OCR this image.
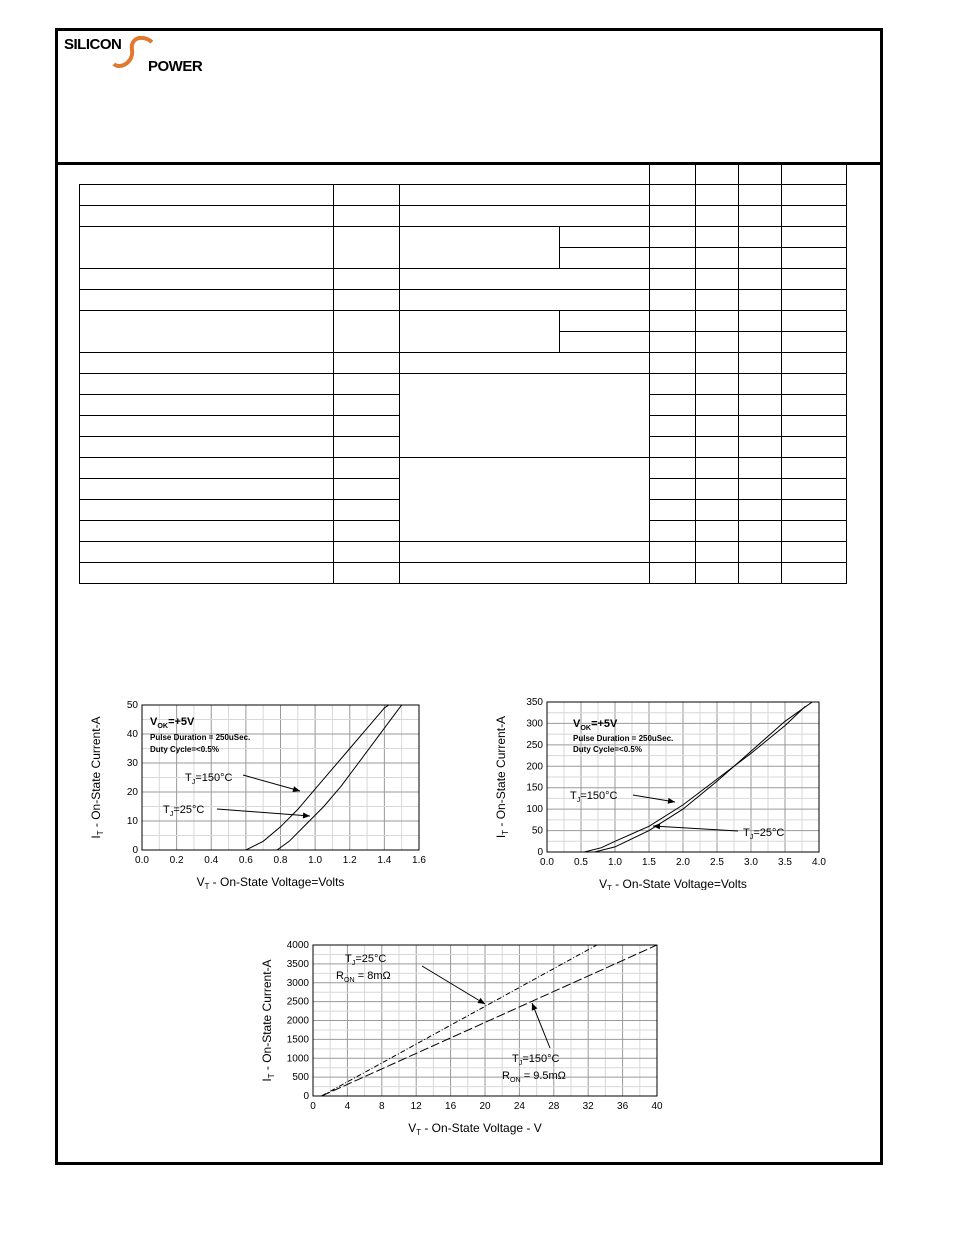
SILICON
POWER

0.0 0.2 0.4 0.6 0.8 1.0 1.2 1.4 1.6
0
10
20
30
40
50
$V_T$ - On-State Voltage=Volts
$I_T$ - On-State Current-A	$V_{OK}=+5V$
Pulse Duration = 250uSec.
Duty Cycle=<0.5%
$T_J=150^\circ C$
$T_J=25^\circ C$
0.0 0.5 1.0 1.5 2.0 2.5 3.0 3.5 4.0
0
50
100
150
200
250
300
350
$V_T$ - On-State Voltage=Volts
$I_T$ - On-State Current-A	$V_{OK}=+5V$
Pulse Duration = 250uSec.
Duty Cycle=<0.5%
$T_J=150^\circ C$
$T_J=25^\circ C$
0	4	8	12 16 20 24 28 32 36 40
0
500
1000
1500
2000
2500
3000
3500
4000
$V_T$ - On-State Voltage - V
$I_T$ - On-State Current-A
$T_J=25^\circ C$
$R_{ON} = 8m\Omega$
$T_J=150^\circ C$
$R_{ON} = 9.5m\Omega$
